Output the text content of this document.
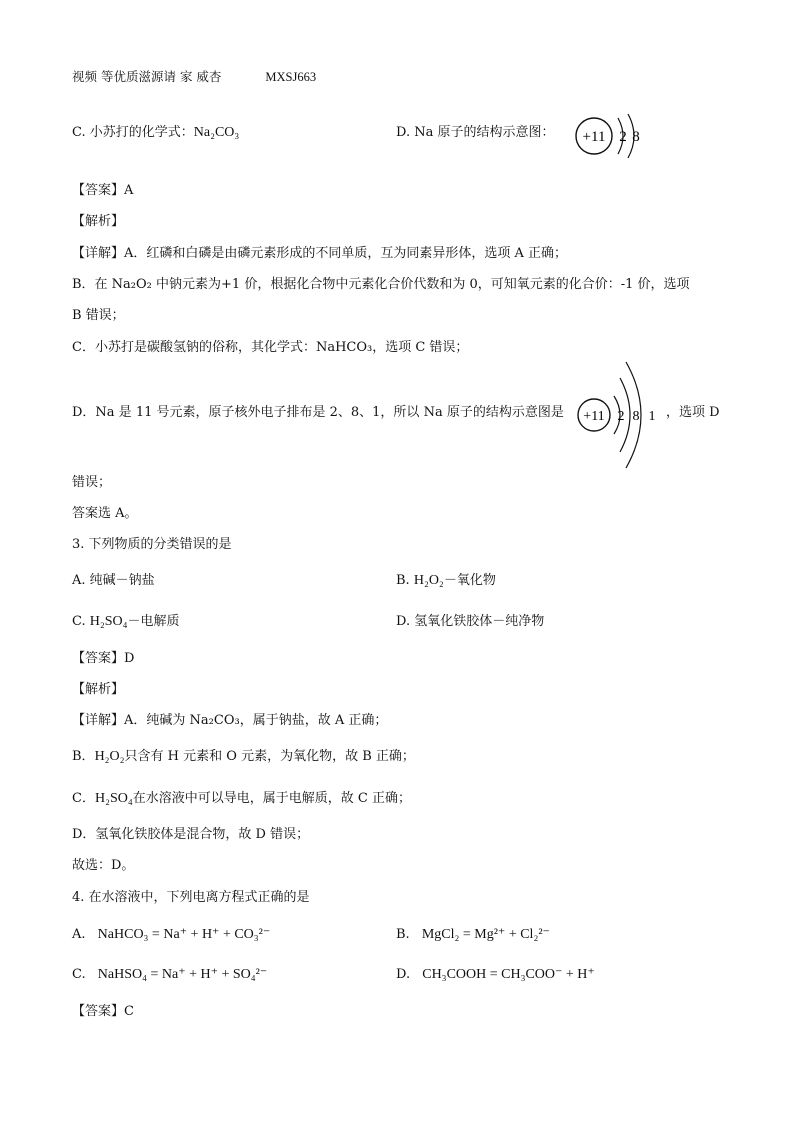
视频 等优质滋源请 家 威杏	MXSJ663
C. 小苏打的化学式：Na₂CO₃	D. Na 原子的结构示意图： +11 2 8
【答案】A
【解析】
【详解】A．红磷和白磷是由磷元素形成的不同单质，互为同素异形体，选项 A 正确；
B．在 Na₂O₂ 中钠元素为+1 价，根据化合物中元素化合价代数和为 0，可知氧元素的化合价：-1 价，选项
B 错误；
C．小苏打是碳酸氢钠的俗称，其化学式：NaHCO₃，选项 C 错误；
D．Na 是 11 号元素，原子核外电子排布是 2、8、1，所以 Na 原子的结构示意图是 +11 2 8 1 ，选项 D
错误；
答案选 A。
3. 下列物质的分类错误的是
A. 纯碱－钠盐	B. H₂O₂－氧化物
C. H₂SO₄－电解质	D. 氢氧化铁胶体－纯净物
【答案】D
【解析】
【详解】A．纯碱为 Na₂CO₃，属于钠盐，故 A 正确；
B．H₂O₂只含有 H 元素和 O 元素，为氧化物，故 B 正确；
C．H₂SO₄在水溶液中可以导电，属于电解质，故 C 正确；
D．氢氧化铁胶体是混合物，故 D 错误；
故选：D。
4. 在水溶液中，下列电离方程式正确的是
A. NaHCO₃ = Na⁺ + H⁺ + CO₃²⁻	B. MgCl₂ = Mg²⁺ + Cl₂²⁻
C. NaHSO₄ = Na⁺ + H⁺ + SO₄²⁻	D. CH₃COOH = CH₃COO⁻ + H⁺
【答案】C
